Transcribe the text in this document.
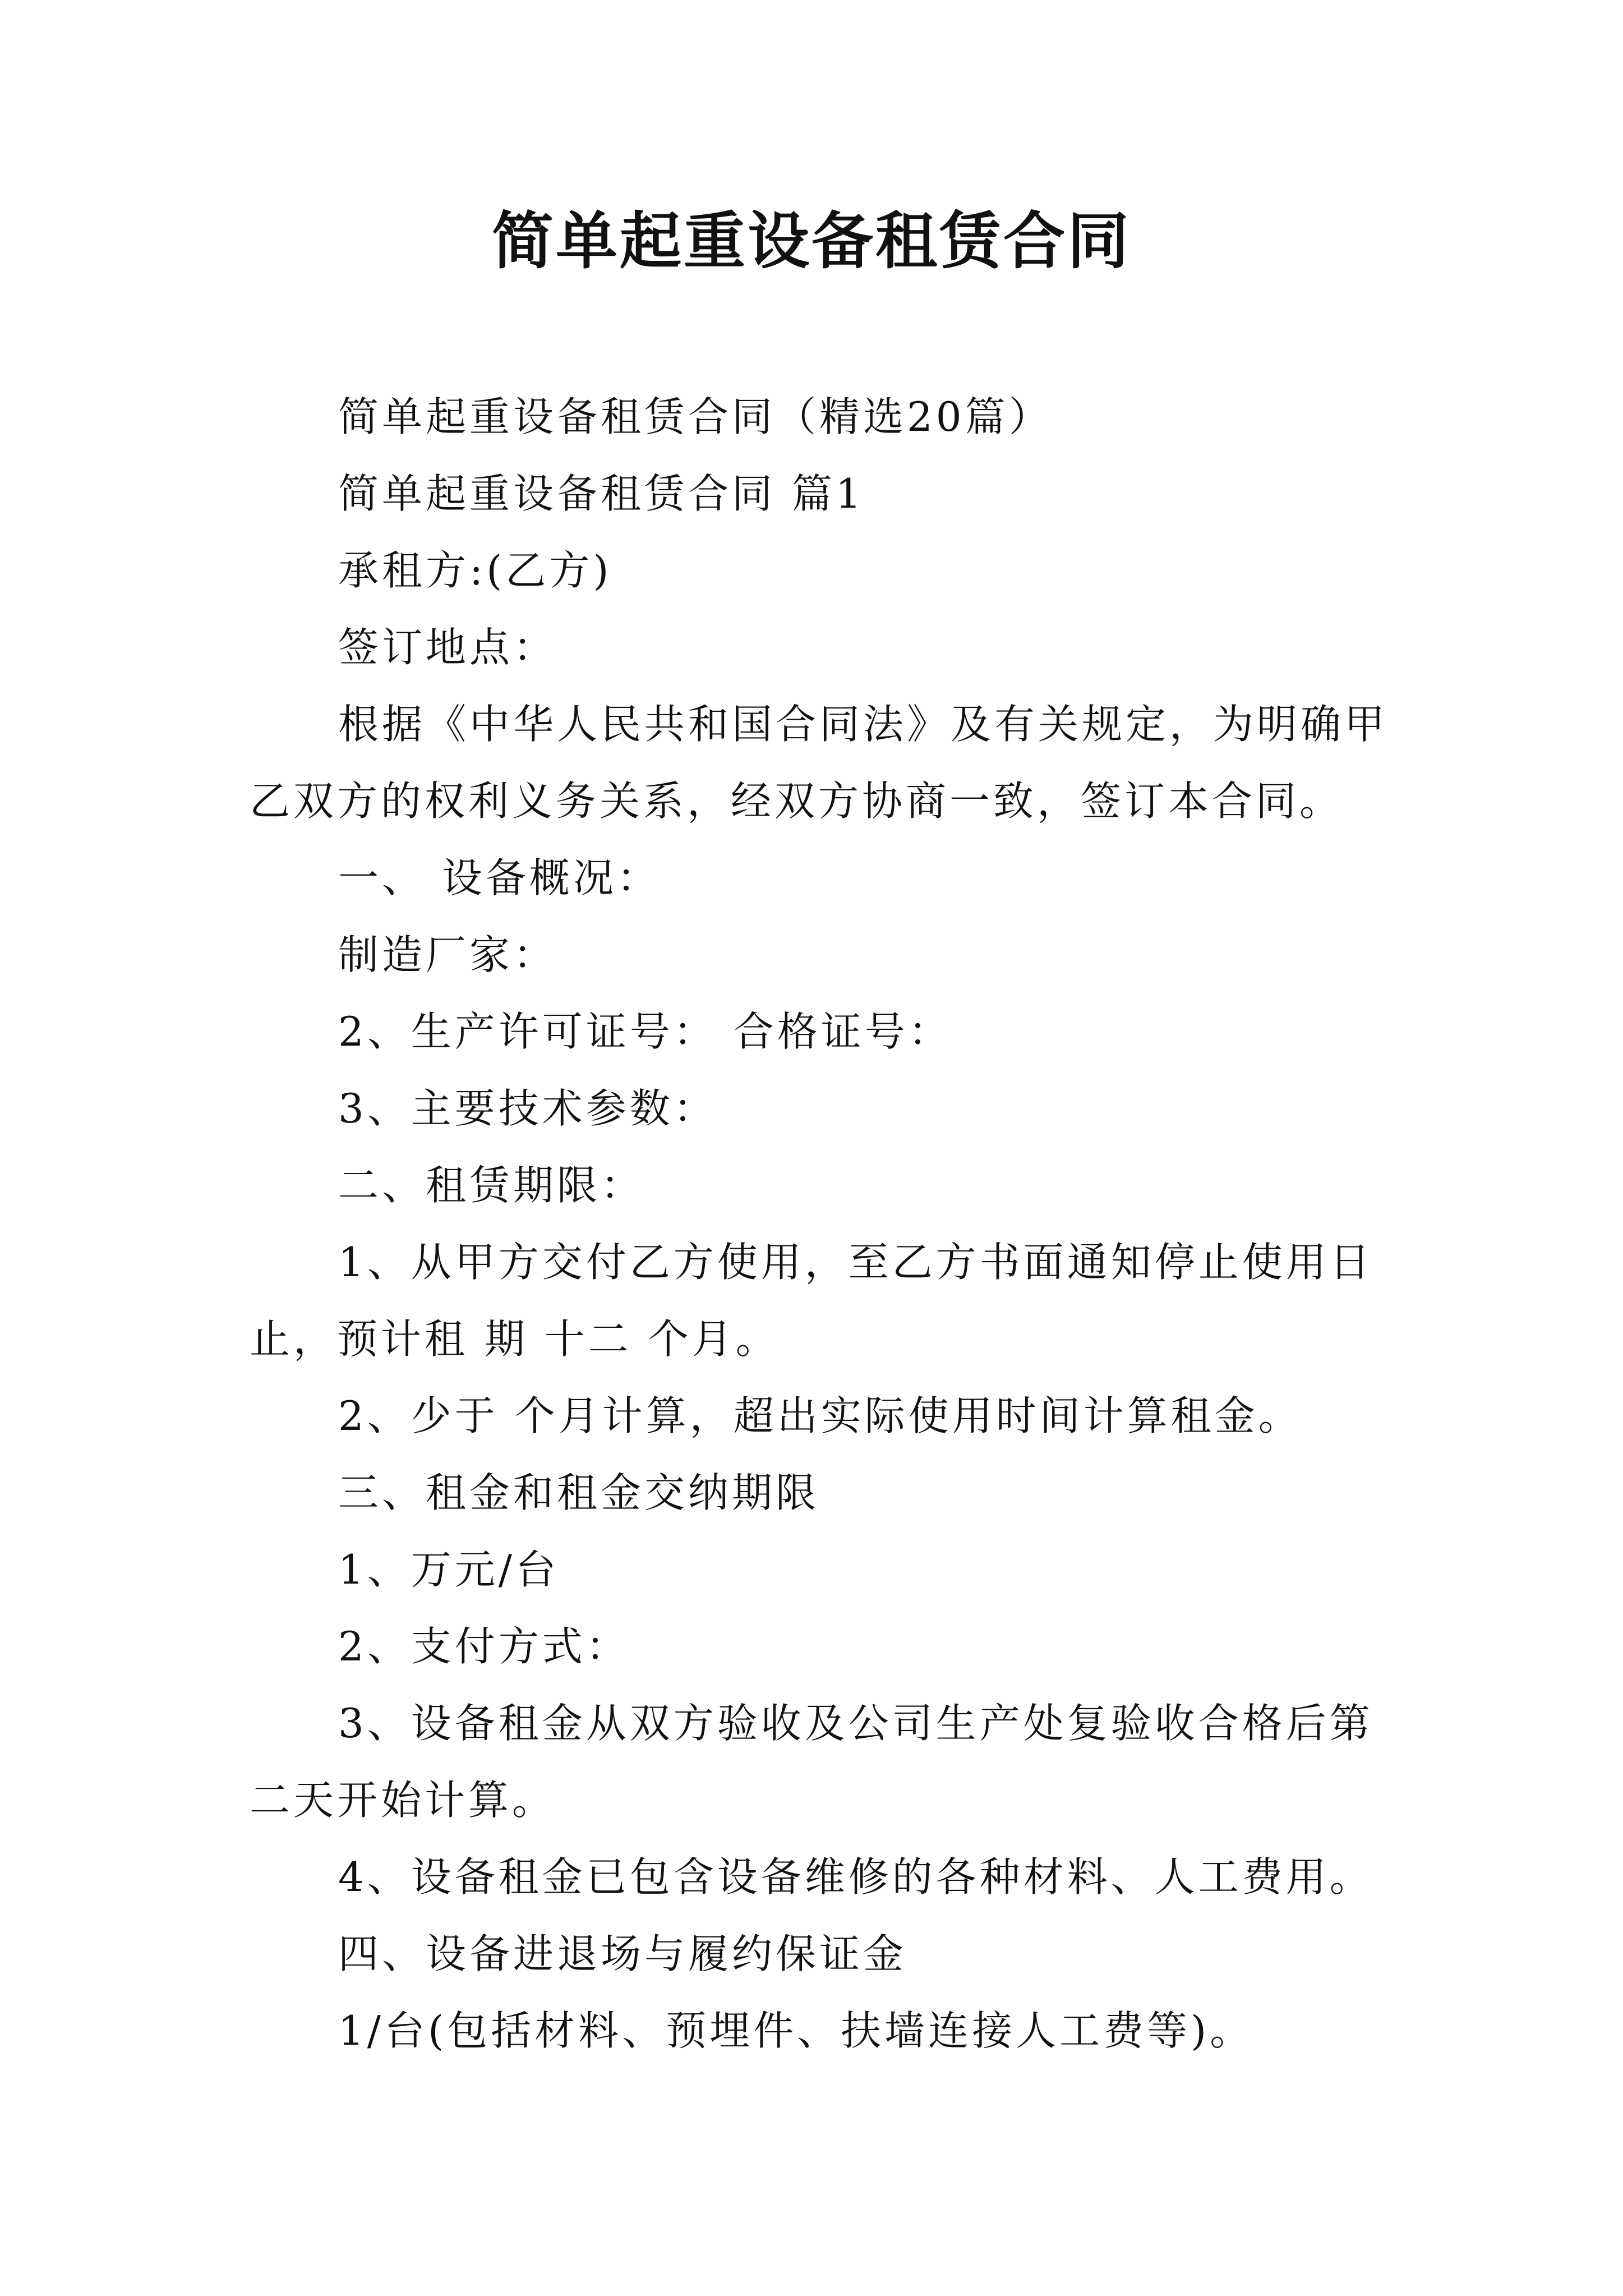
简单起重设备租赁合同

简单起重设备租赁合同（精选20篇）

简单起重设备租赁合同 篇1

承租方:(乙方)

签订地点：

根据《中华人民共和国合同法》及有关规定，为明确甲乙双方的权利义务关系，经双方协商一致，签订本合同。

一、 设备概况：

制造厂家：

2、生产许可证号： 合格证号：

3、主要技术参数：

二、租赁期限：

1、从甲方交付乙方使用，至乙方书面通知停止使用日止，预计租 期 十二 个月。

2、少于 个月计算，超出实际使用时间计算租金。

三、租金和租金交纳期限

1、万元/台

2、支付方式：

3、设备租金从双方验收及公司生产处复验收合格后第二天开始计算。

4、设备租金已包含设备维修的各种材料、人工费用。

四、设备进退场与履约保证金

1/台(包括材料、预埋件、扶墙连接人工费等)。
